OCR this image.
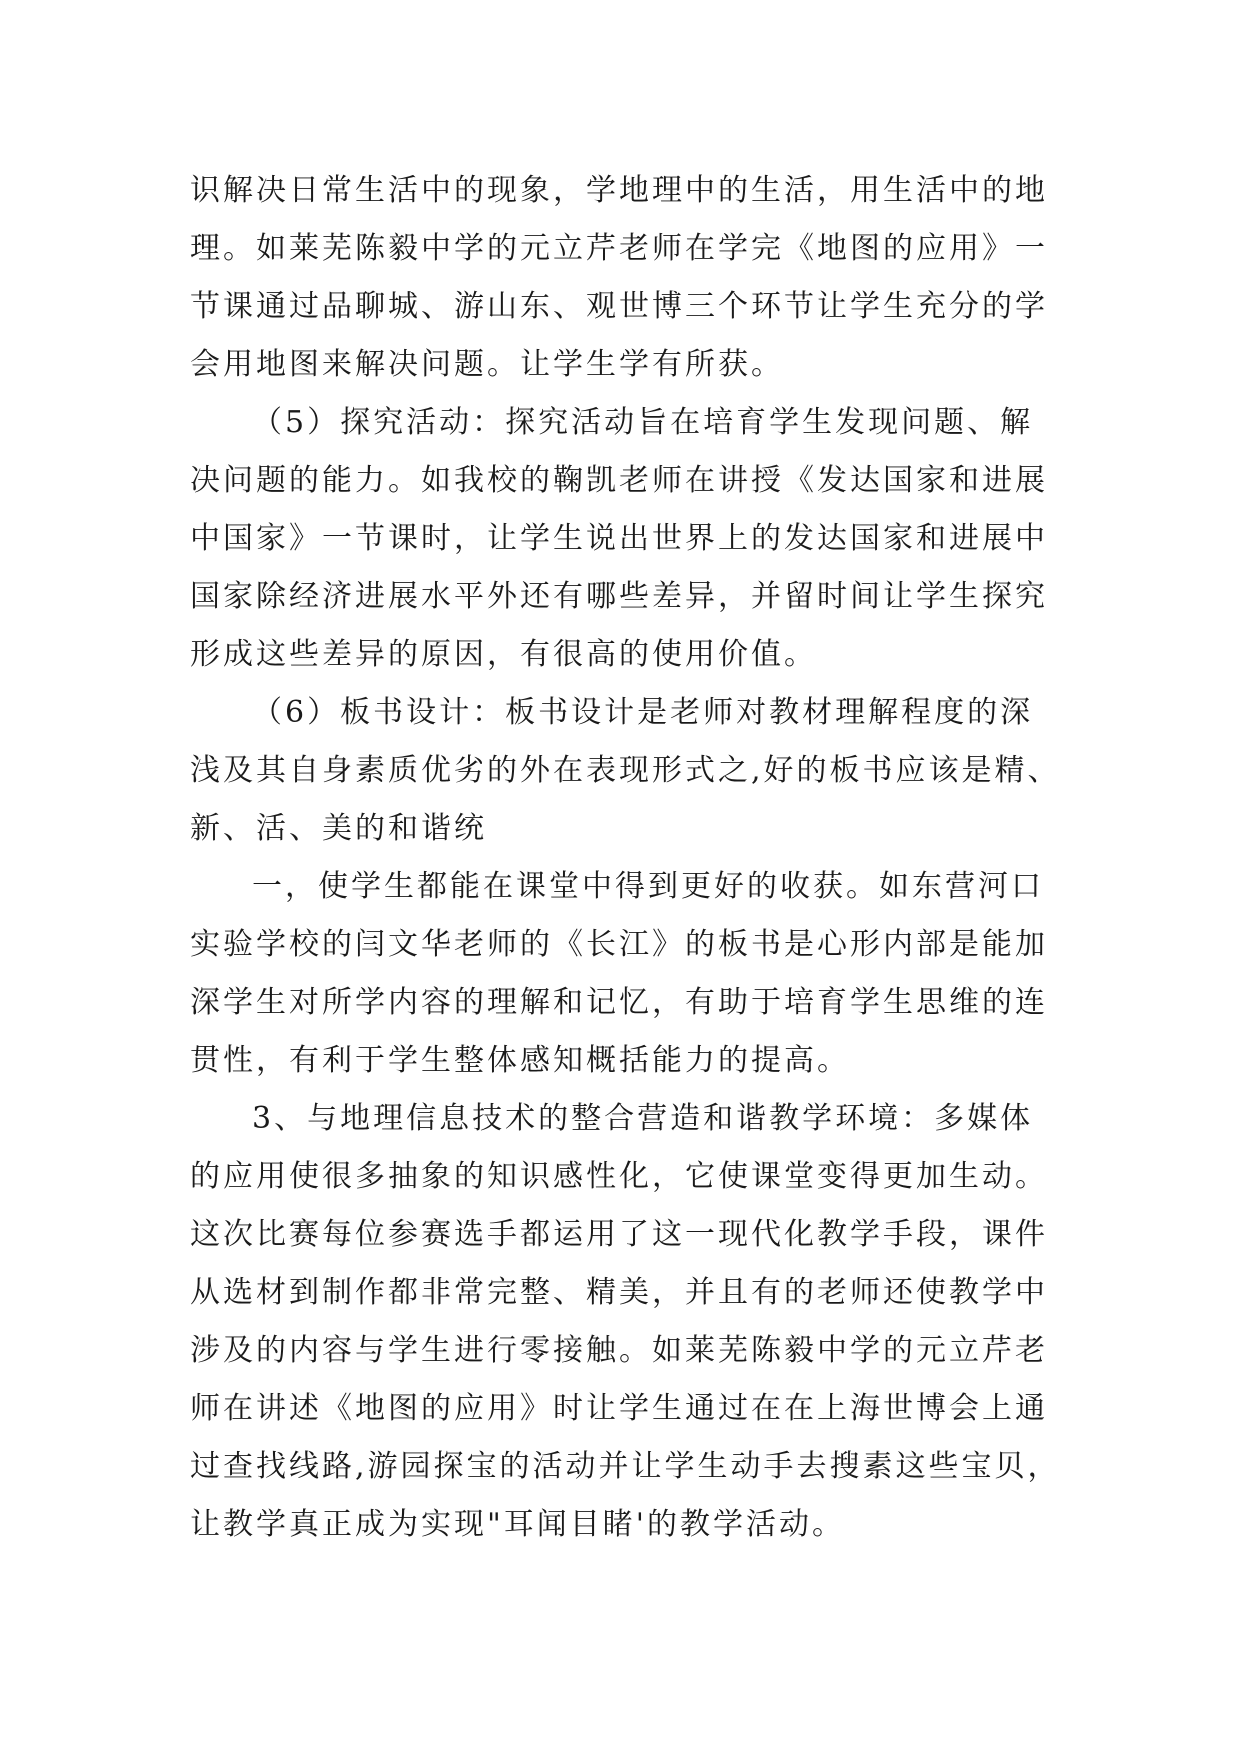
识解决日常生活中的现象，学地理中的生活，用生活中的地

理。如莱芜陈毅中学的元立芹老师在学完《地图的应用》一

节课通过品聊城、游山东、观世博三个环节让学生充分的学

会用地图来解决问题。让学生学有所获。

（5）探究活动：探究活动旨在培育学生发现问题、解

决问题的能力。如我校的鞠凯老师在讲授《发达国家和进展

中国家》一节课时，让学生说出世界上的发达国家和进展中

国家除经济进展水平外还有哪些差异，并留时间让学生探究

形成这些差异的原因，有很高的使用价值。

（6）板书设计：板书设计是老师对教材理解程度的深

浅及其自身素质优劣的外在表现形式之,好的板书应该是精、

新、活、美的和谐统

一，使学生都能在课堂中得到更好的收获。如东营河口

实验学校的闫文华老师的《长江》的板书是心形内部是能加

深学生对所学内容的理解和记忆，有助于培育学生思维的连

贯性，有利于学生整体感知概括能力的提高。

3、与地理信息技术的整合营造和谐教学环境：多媒体

的应用使很多抽象的知识感性化，它使课堂变得更加生动。

这次比赛每位参赛选手都运用了这一现代化教学手段，课件

从选材到制作都非常完整、精美，并且有的老师还使教学中

涉及的内容与学生进行零接触。如莱芜陈毅中学的元立芹老

师在讲述《地图的应用》时让学生通过在在上海世博会上通

过查找线路,游园探宝的活动并让学生动手去搜素这些宝贝，

让教学真正成为实现"耳闻目睹'的教学活动。
